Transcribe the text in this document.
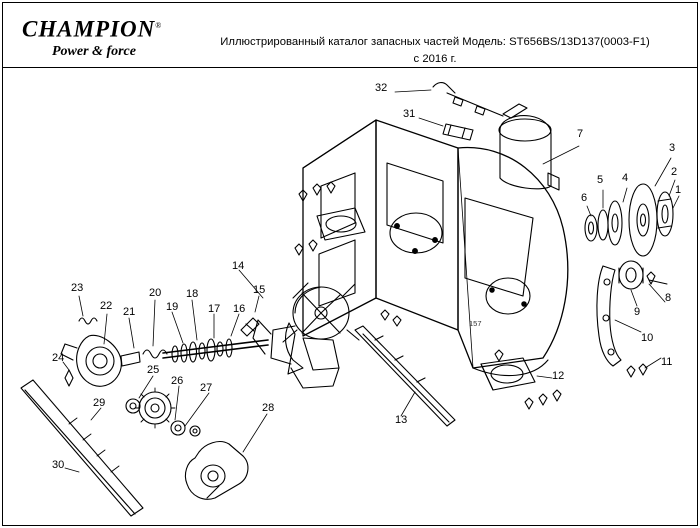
CHAMPION®
Power & force
Иллюстрированный каталог запасных частей Модель: ST656BS/13D137(0003-F1)
с 2016 г.
157
32
31
7
3
2
1
5 4
6
8
9
10
11
12
13
14
15
16
17
18
19
20
21
22
23
24
25
26
27
28
29
30
